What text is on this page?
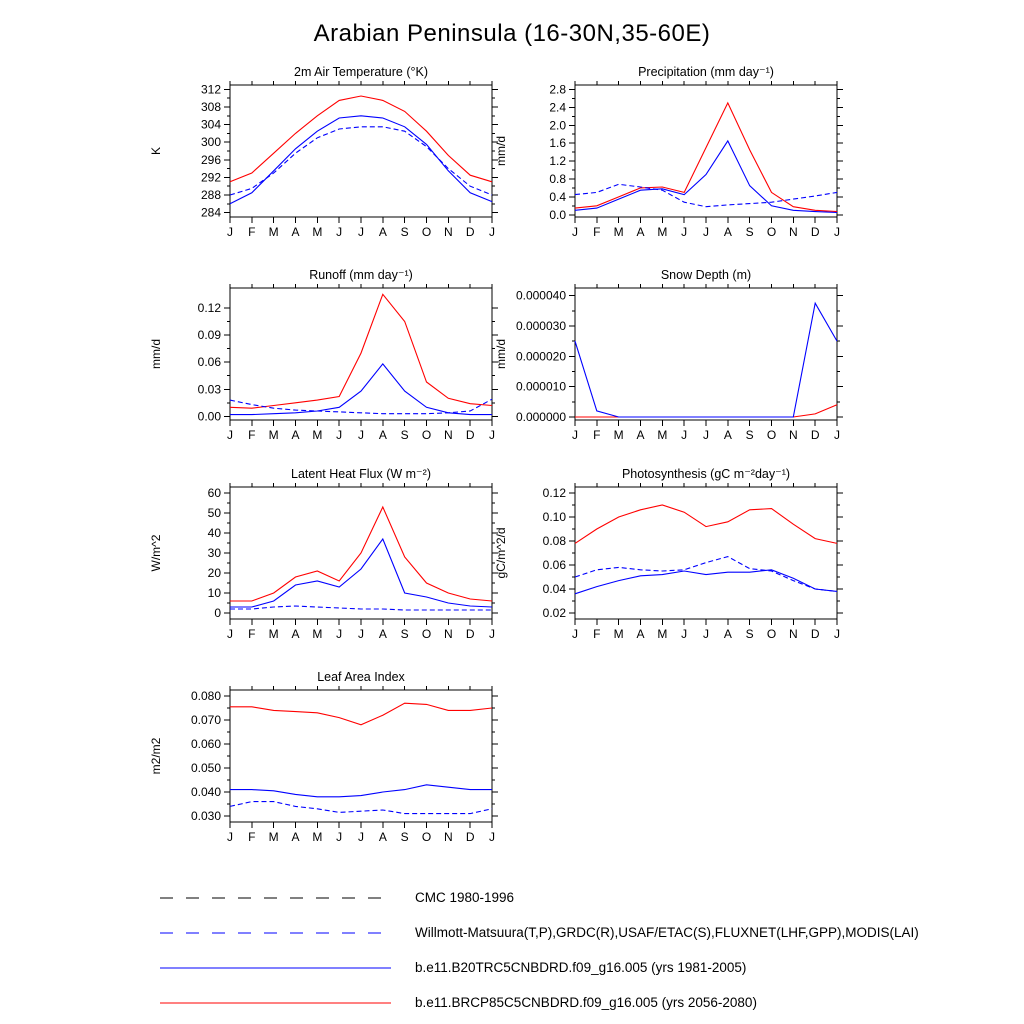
Arabian Peninsula (16-30N,35-60E)
2m Air Temperature (°K)
284
288
292
296
300
304
308
312
J F M A M J J A S O N D J
K
Precipitation (mm day⁻¹)
0.0
0.4
0.8
1.2
1.6
2.0
2.4
2.8
J F M A M J J A S O N D J
mm/d
Runoff (mm day⁻¹)
0.00
0.03
0.06
0.09
0.12
J F M A M J J A S O N D J
mm/d
Snow Depth (m)
0.000000
0.000010
0.000020
0.000030
0.000040
J F M A M J J A S O N D J
mm/d
Latent Heat Flux (W m⁻²)
0
10
20
30
40
50
60
J F M A M J J A S O N D J
W/m^2
Photosynthesis (gC m⁻²day⁻¹)
0.02
0.04
0.06
0.08
0.10
0.12
J F M A M J J A S O N D J
gC/m^2/d
Leaf Area Index
0.030
0.040
0.050
0.060
0.070
0.080
J F M A M J J A S O N D J
m2/m2
CMC 1980-1996
Willmott-Matsuura(T,P),GRDC(R),USAF/ETAC(S),FLUXNET(LHF,GPP),MODIS(LAI)
b.e11.B20TRC5CNBDRD.f09_g16.005 (yrs 1981-2005)
b.e11.BRCP85C5CNBDRD.f09_g16.005 (yrs 2056-2080)
